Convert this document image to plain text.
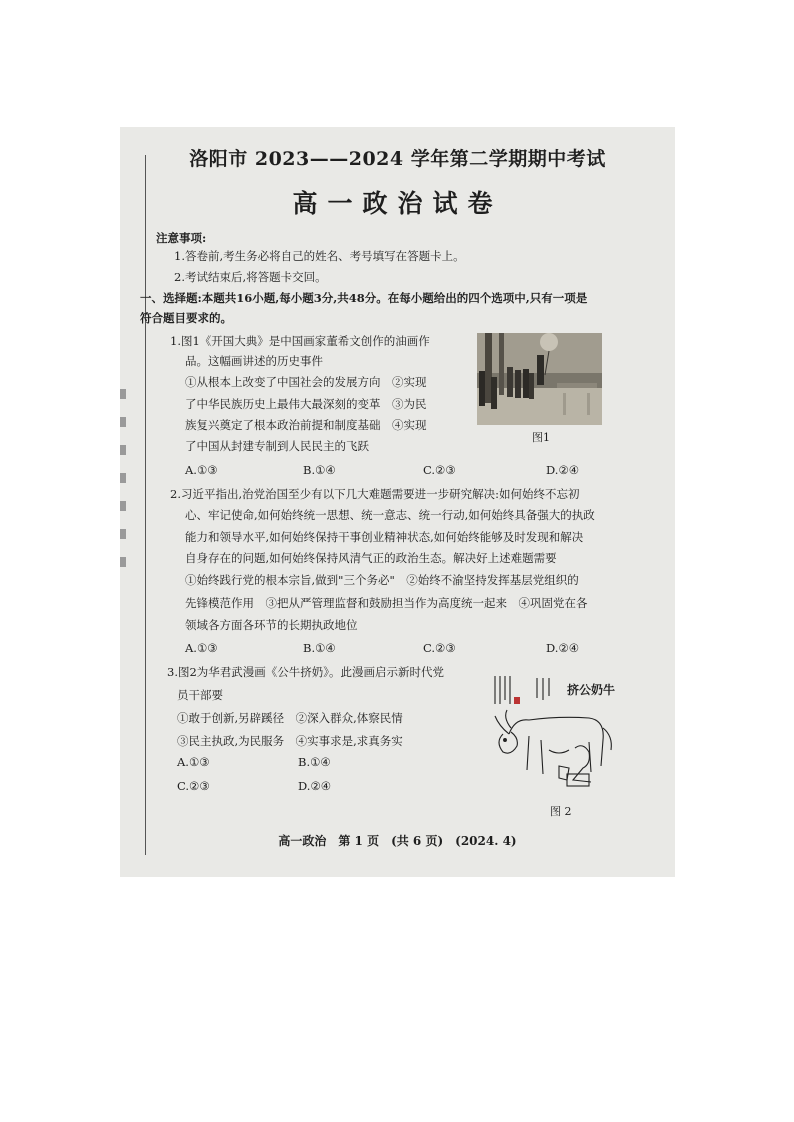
洛阳市 2023——2024 学年第二学期期中考试
高一政治试卷
注意事项:
1.答卷前,考生务必将自己的姓名、考号填写在答题卡上。
2.考试结束后,将答题卡交回。
一、选择题:本题共16小题,每小题3分,共48分。在每小题给出的四个选项中,只有一项是
符合题目要求的。
1.图1《开国大典》是中国画家董希文创作的油画作
品。这幅画讲述的历史事件
①从根本上改变了中国社会的发展方向　②实现
了中华民族历史上最伟大最深刻的变革　③为民
族复兴奠定了根本政治前提和制度基础　④实现
了中国从封建专制到人民民主的飞跃
图1
A.①③	B.①④	C.②③	D.②④
2.习近平指出,治党治国至少有以下几大难题需要进一步研究解决:如何始终不忘初
心、牢记使命,如何始终统一思想、统一意志、统一行动,如何始终具备强大的执政
能力和领导水平,如何始终保持干事创业精神状态,如何始终能够及时发现和解决
自身存在的问题,如何始终保持风清气正的政治生态。解决好上述难题需要
①始终践行党的根本宗旨,做到"三个务必"　②始终不渝坚持发挥基层党组织的
先锋模范作用　③把从严管理监督和鼓励担当作为高度统一起来　④巩固党在各
领域各方面各环节的长期执政地位
A.①③	B.①④	C.②③	D.②④
3.图2为华君武漫画《公牛挤奶》。此漫画启示新时代党
员干部要
①敢于创新,另辟蹊径　②深入群众,体察民情
③民主执政,为民服务　④实事求是,求真务实
A.①③	B.①④
C.②③	D.②④
挤公奶牛
图 2
高一政治　第 1 页　(共 6 页)　(2024. 4)
